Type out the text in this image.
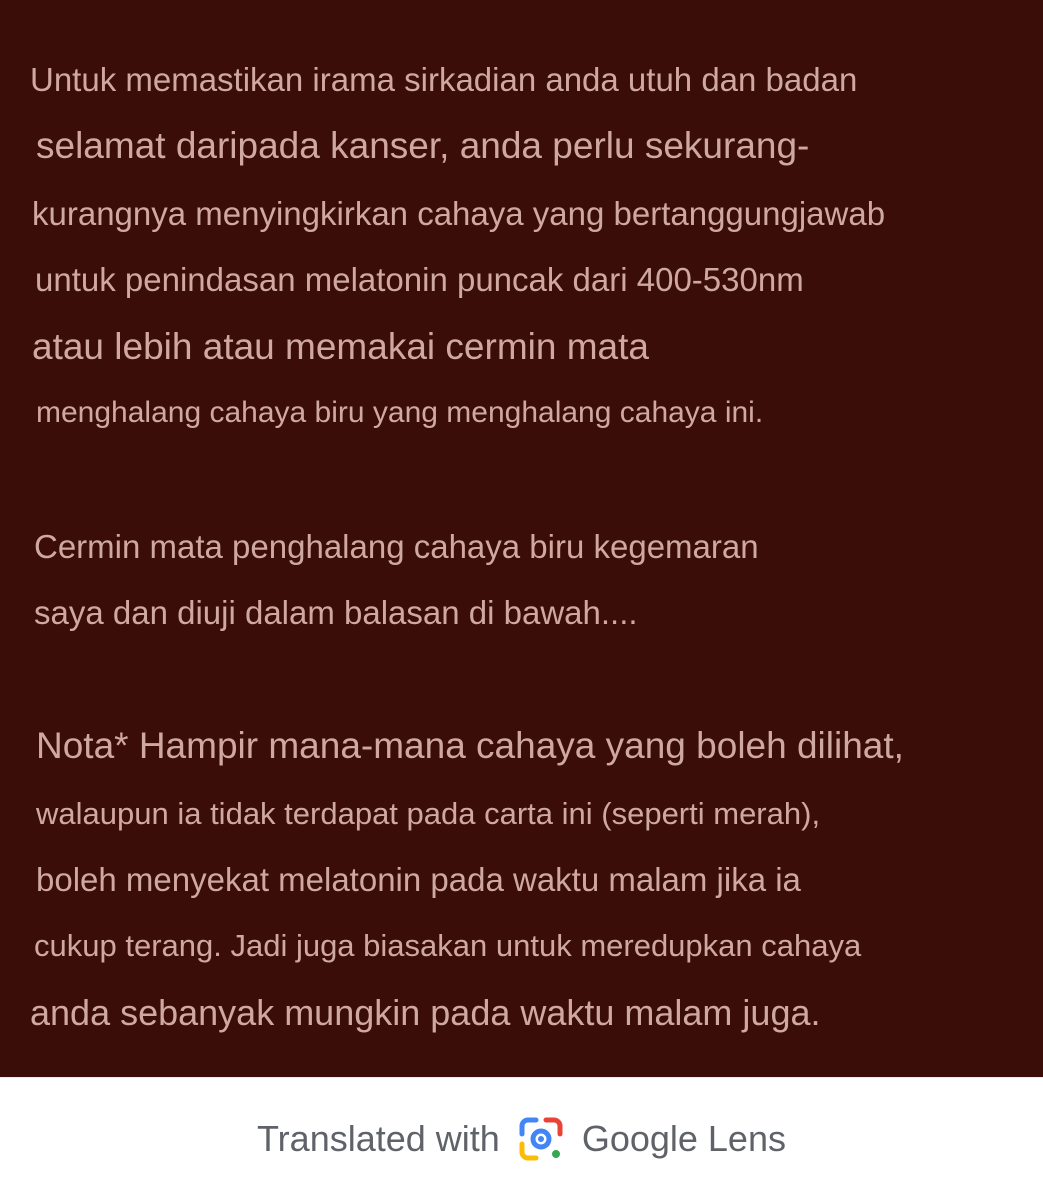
Untuk memastikan irama sirkadian anda utuh dan badan
selamat daripada kanser, anda perlu sekurang-
kurangnya menyingkirkan cahaya yang bertanggungjawab
untuk penindasan melatonin puncak dari 400-530nm
atau lebih atau memakai cermin mata
menghalang cahaya biru yang menghalang cahaya ini.
Cermin mata penghalang cahaya biru kegemaran
saya dan diuji dalam balasan di bawah....
Nota* Hampir mana-mana cahaya yang boleh dilihat,
walaupun ia tidak terdapat pada carta ini (seperti merah),
boleh menyekat melatonin pada waktu malam jika ia
cukup terang. Jadi juga biasakan untuk meredupkan cahaya
anda sebanyak mungkin pada waktu malam juga.
Translated with Google Lens
